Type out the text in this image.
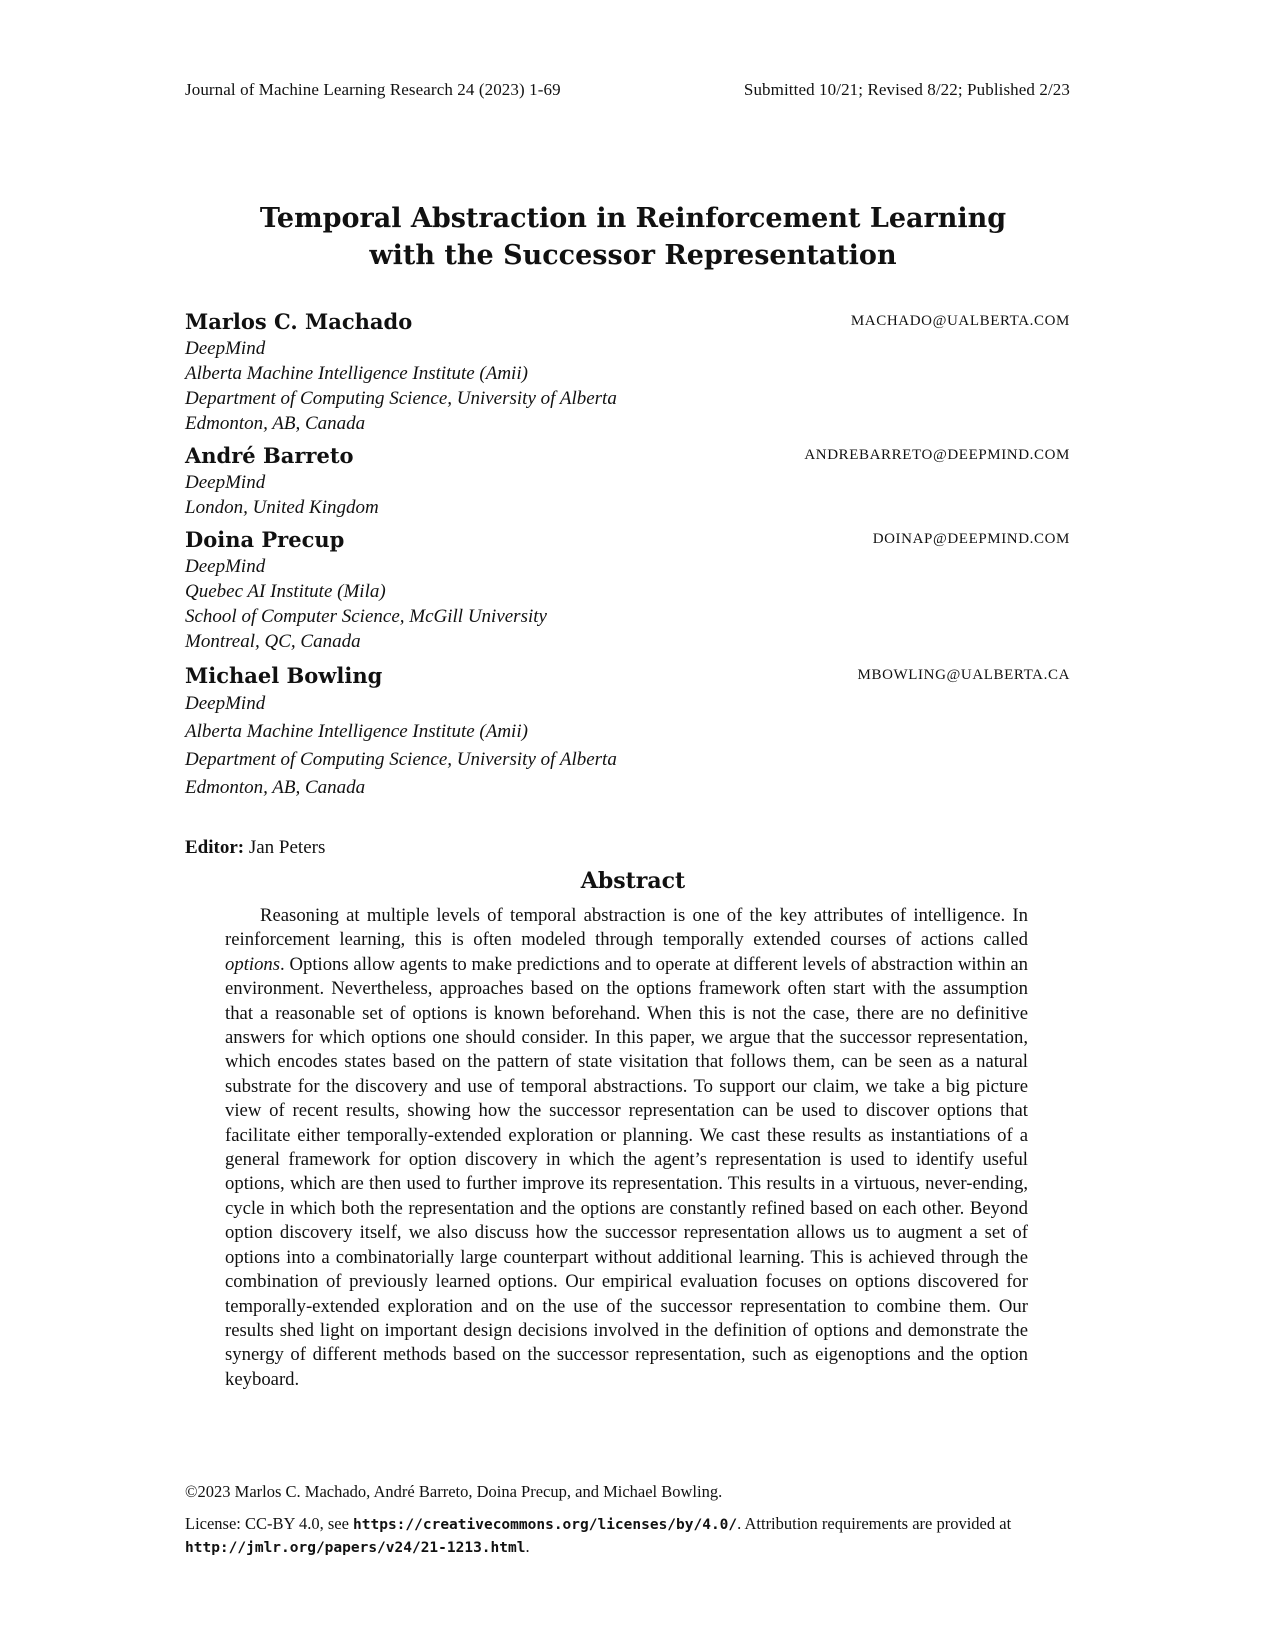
Journal of Machine Learning Research 24 (2023) 1-69	Submitted 10/21; Revised 8/22; Published 2/23
Temporal Abstraction in Reinforcement Learning
with the Successor Representation
Marlos C. Machado	MACHADO@UALBERTA.COM
DeepMind
Alberta Machine Intelligence Institute (Amii)
Department of Computing Science, University of Alberta
Edmonton, AB, Canada
André Barreto	ANDREBARRETO@DEEPMIND.COM
DeepMind
London, United Kingdom
Doina Precup	DOINAP@DEEPMIND.COM
DeepMind
Quebec AI Institute (Mila)
School of Computer Science, McGill University
Montreal, QC, Canada
Michael Bowling	MBOWLING@UALBERTA.CA
DeepMind
Alberta Machine Intelligence Institute (Amii)
Department of Computing Science, University of Alberta
Edmonton, AB, Canada
Editor: Jan Peters
Abstract

Reasoning at multiple levels of temporal abstraction is one of the key attributes of intelligence. In reinforcement learning, this is often modeled through temporally extended courses of actions called options. Options allow agents to make predictions and to operate at different levels of abstraction within an environment. Nevertheless, approaches based on the options framework often start with the assumption that a reasonable set of options is known beforehand. When this is not the case, there are no definitive answers for which options one should consider. In this paper, we argue that the successor representation, which encodes states based on the pattern of state visitation that follows them, can be seen as a natural substrate for the discovery and use of temporal abstractions. To support our claim, we take a big picture view of recent results, showing how the successor representation can be used to discover options that facilitate either temporally-extended exploration or planning. We cast these results as instantiations of a general framework for option discovery in which the agent’s representation is used to identify useful options, which are then used to further improve its representation. This results in a virtuous, never-ending, cycle in which both the representation and the options are constantly refined based on each other. Beyond option discovery itself, we also discuss how the successor representation allows us to augment a set of options into a combinatorially large counterpart without additional learning. This is achieved through the combination of previously learned options. Our empirical evaluation focuses on options discovered for temporally-extended exploration and on the use of the successor representation to combine them. Our results shed light on important design decisions involved in the definition of options and demonstrate the synergy of different methods based on the successor representation, such as eigenoptions and the option keyboard.

©2023 Marlos C. Machado, André Barreto, Doina Precup, and Michael Bowling.
License: CC-BY 4.0, see https://creativecommons.org/licenses/by/4.0/. Attribution requirements are provided at http://jmlr.org/papers/v24/21-1213.html.
